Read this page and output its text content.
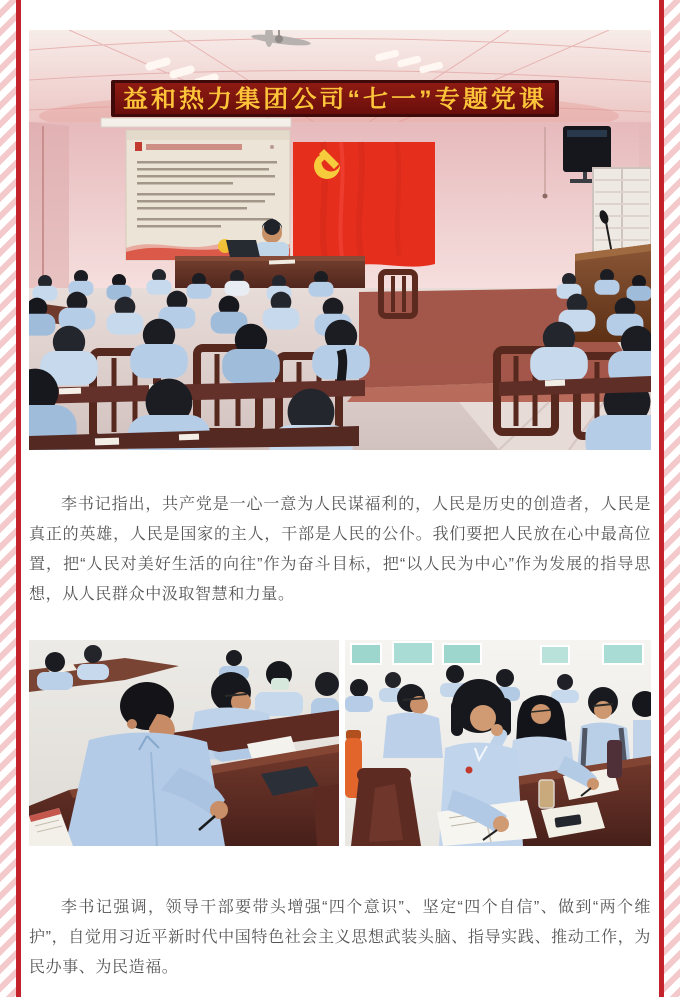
益和热力集团公司“七一”专题党课

李书记指出，共产党是一心一意为人民谋福利的，人民是历史的创造者，人民是真正的英雄，人民是国家的主人，干部是人民的公仆。我们要把人民放在心中最高位置，把“人民对美好生活的向往”作为奋斗目标，把“以人民为中心”作为发展的指导思想，从人民群众中汲取智慧和力量。

李书记强调，领导干部要带头增强“四个意识”、坚定“四个自信”、做到“两个维护”，自觉用习近平新时代中国特色社会主义思想武装头脑、指导实践、推动工作，为民办事、为民造福。
